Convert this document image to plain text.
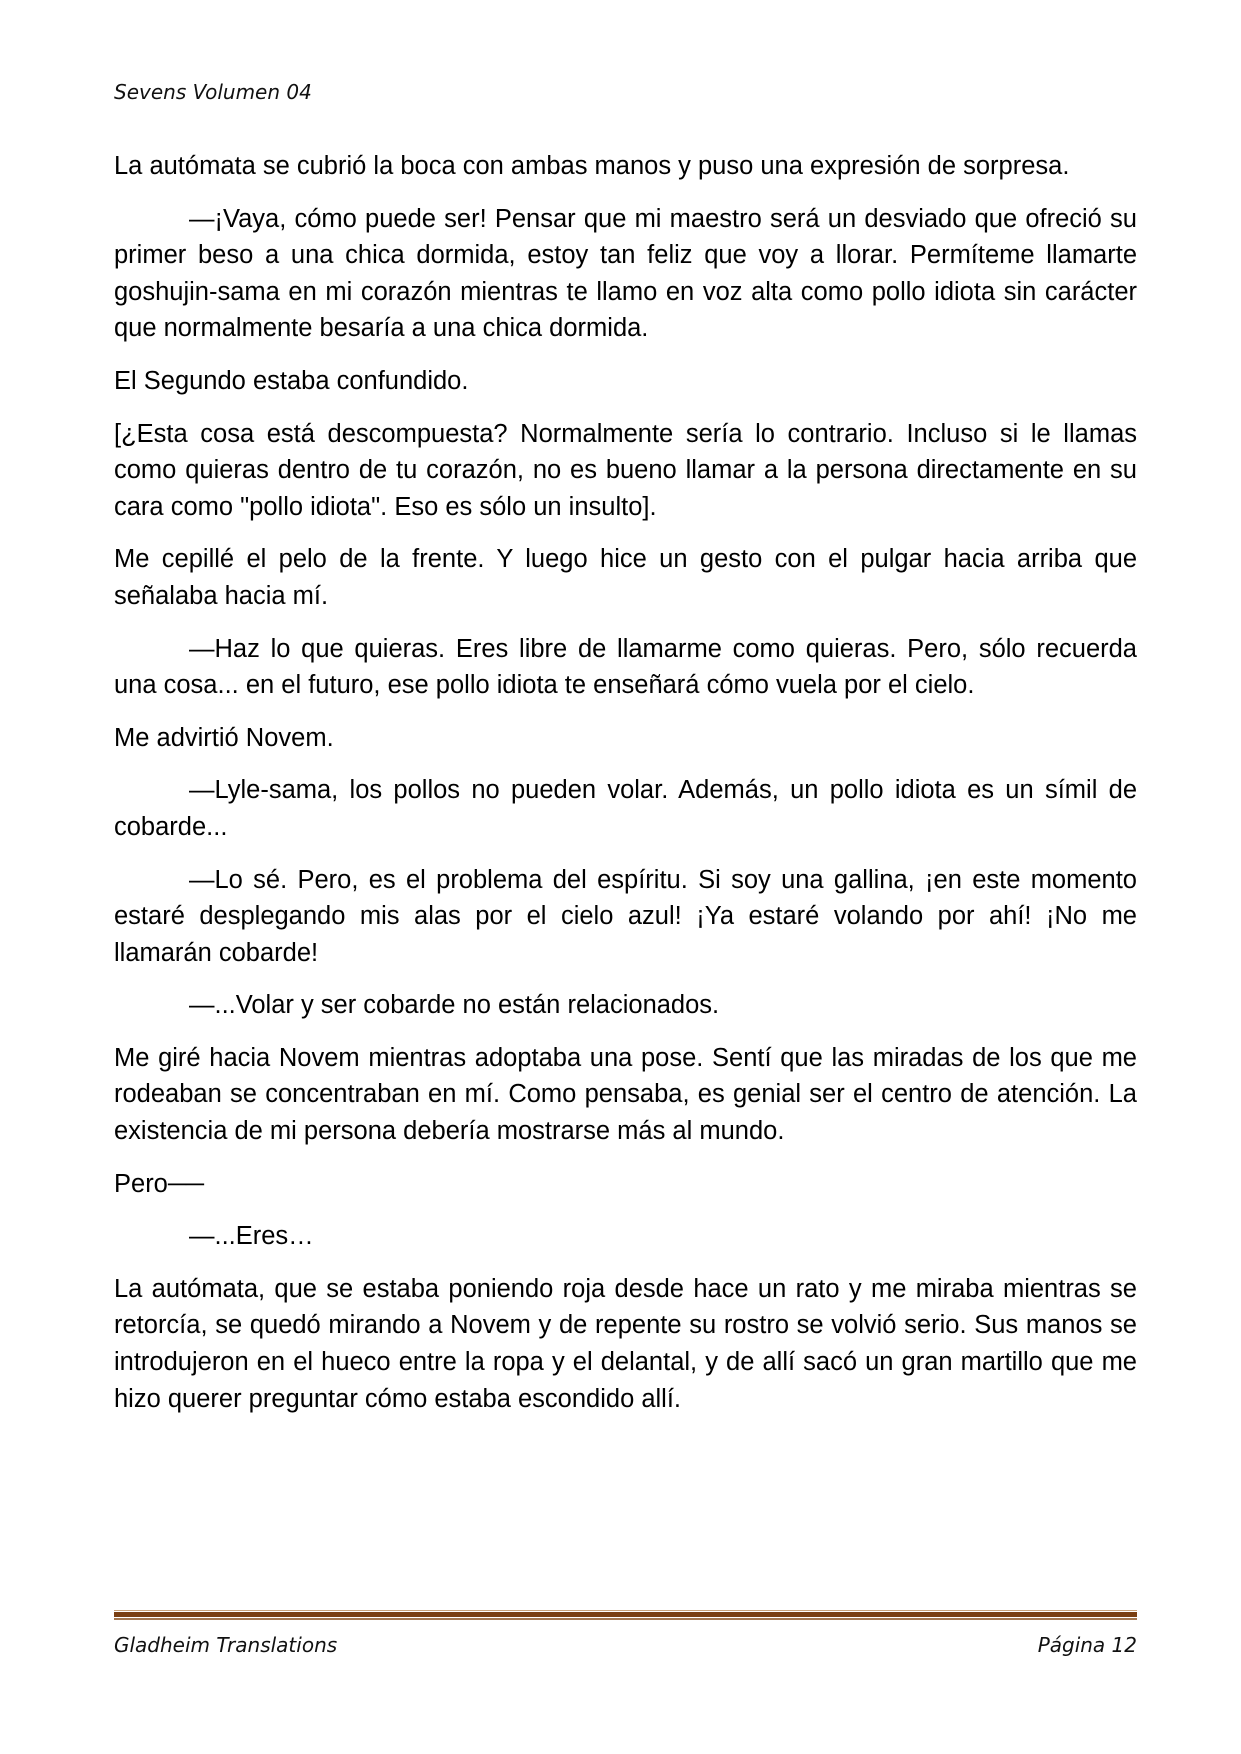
Sevens Volumen 04

La autómata se cubrió la boca con ambas manos y puso una expresión de sorpresa.

—¡Vaya, cómo puede ser! Pensar que mi maestro será un desviado que ofreció su primer beso a una chica dormida, estoy tan feliz que voy a llorar. Permíteme llamarte goshujin-sama en mi corazón mientras te llamo en voz alta como pollo idiota sin carácter que normalmente besaría a una chica dormida.

El Segundo estaba confundido.

[¿Esta cosa está descompuesta? Normalmente sería lo contrario. Incluso si le llamas como quieras dentro de tu corazón, no es bueno llamar a la persona directamente en su cara como "pollo idiota". Eso es sólo un insulto].

Me cepillé el pelo de la frente. Y luego hice un gesto con el pulgar hacia arriba que señalaba hacia mí.

—Haz lo que quieras. Eres libre de llamarme como quieras. Pero, sólo recuerda una cosa... en el futuro, ese pollo idiota te enseñará cómo vuela por el cielo.

Me advirtió Novem.

—Lyle-sama, los pollos no pueden volar. Además, un pollo idiota es un símil de cobarde...

—Lo sé. Pero, es el problema del espíritu. Si soy una gallina, ¡en este momento estaré desplegando mis alas por el cielo azul! ¡Ya estaré volando por ahí! ¡No me llamarán cobarde!

—...Volar y ser cobarde no están relacionados.

Me giré hacia Novem mientras adoptaba una pose. Sentí que las miradas de los que me rodeaban se concentraban en mí. Como pensaba, es genial ser el centro de atención. La existencia de mi persona debería mostrarse más al mundo.

Pero──

—...Eres…

La autómata, que se estaba poniendo roja desde hace un rato y me miraba mientras se retorcía, se quedó mirando a Novem y de repente su rostro se volvió serio. Sus manos se introdujeron en el hueco entre la ropa y el delantal, y de allí sacó un gran martillo que me hizo querer preguntar cómo estaba escondido allí.

Gladheim Translations	Página 12
